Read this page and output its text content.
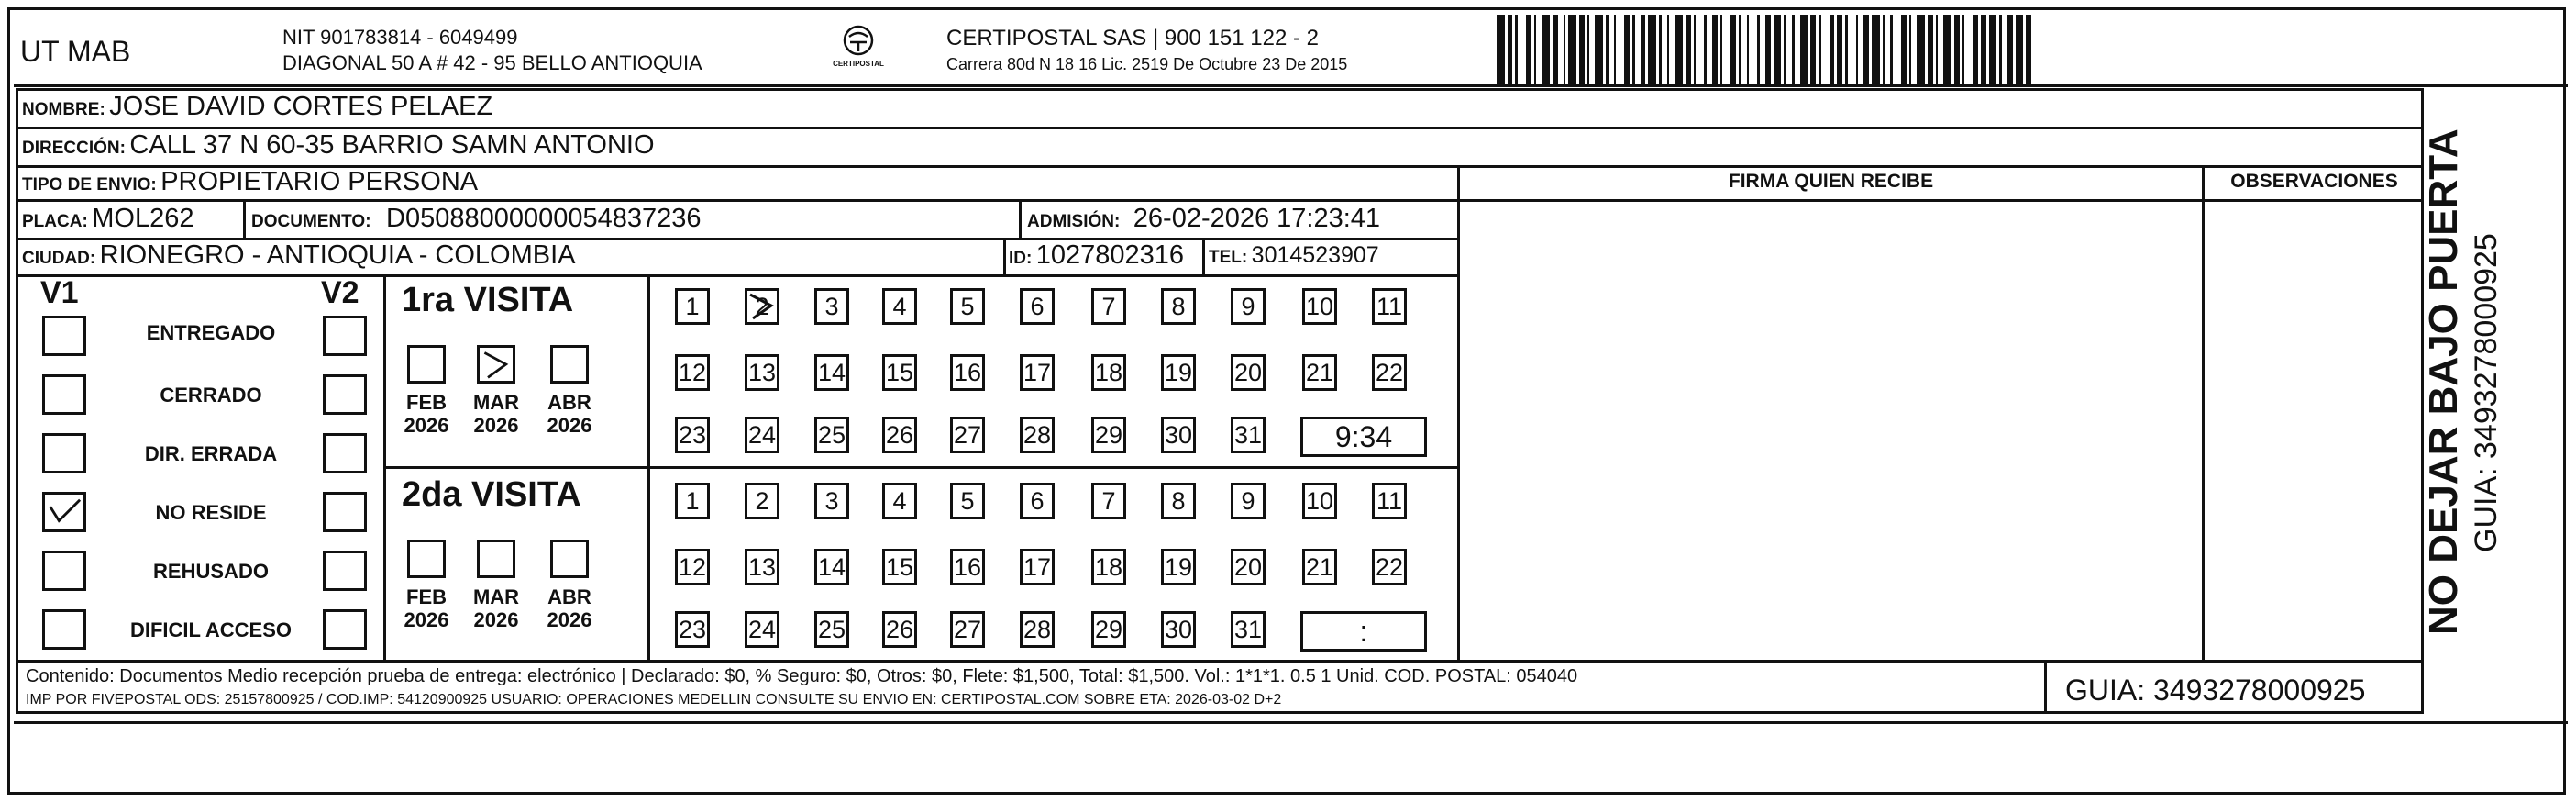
UT MAB	NIT 901783814 - 6049499
DIAGONAL 50 A # 42 - 95 BELLO ANTIOQUIA	CERTIPOSTAL
CERTIPOSTAL SAS | 900 151 122 - 2
Carrera 80d N 18 16 Lic. 2519 De Octubre 23 De 2015
NOMBRE: JOSE DAVID CORTES PELAEZ
DIRECCIÓN: CALL 37 N 60-35 BARRIO SAMN ANTONIO
TIPO DE ENVIO: PROPIETARIO PERSONA	FIRMA QUIEN RECIBE	OBSERVACIONES
PLACA: MOL262	DOCUMENTO: D05088000000054837236	ADMISIÓN: 26-02-2026 17:23:41
CIUDAD: RIONEGRO - ANTIOQUIA - COLOMBIA	ID: 1027802316 TEL: 3014523907
V1	V2
ENTREGADO
CERRADO
DIR. ERRADA
NO RESIDE
REHUSADO
DIFICIL ACCESO
1ra VISITA
FEB
2026
MAR
2026
ABR
2026
1	2	3	4	5	6	7	8	9	10 11
12 13 14 15 16 17 18 19 20 21 22
23 24 25 26 27 28 29 30 31	9:34
2da VISITA
FEB
2026
MAR
2026
ABR
2026
1	2	3	4	5	6	7	8	9	10 11
12 13 14 15 16 17 18 19 20 21 22
23 24 25 26 27 28 29 30 31	:
Contenido: Documentos Medio recepción prueba de entrega: electrónico | Declarado: $0, % Seguro: $0, Otros: $0, Flete: $1,500, Total: $1,500. Vol.: 1*1*1. 0.5 1 Unid. COD. POSTAL: 054040
IMP POR FIVEPOSTAL ODS: 25157800925 / COD.IMP: 54120900925 USUARIO: OPERACIONES MEDELLIN CONSULTE SU ENVIO EN: CERTIPOSTAL.COM SOBRE ETA: 2026-03-02 D+2	GUIA: 3493278000925
NO DEJAR BAJO PUERTA GUIA: 3493278000925
